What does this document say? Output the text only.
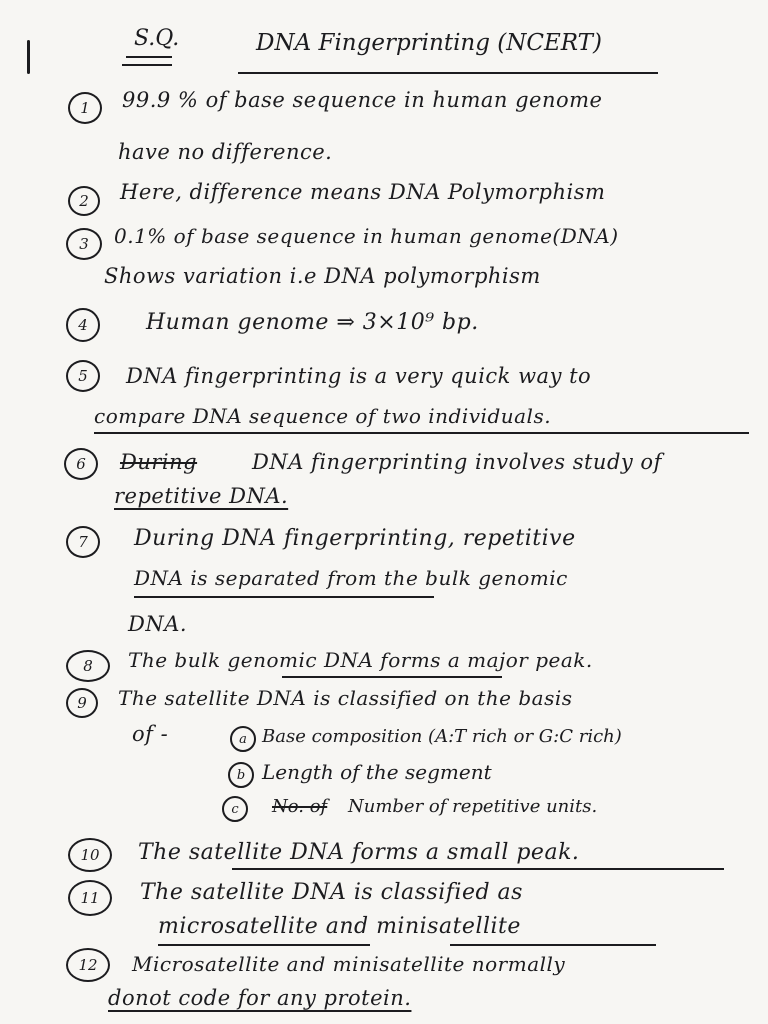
S.Q.	DNA Fingerprinting (NCERT)
1	99.9 % of base sequence in human genome
have no difference.
2	Here, difference means DNA Polymorphism
3	0.1% of base sequence in human genome(DNA)
Shows variation i.e DNA polymorphism
4	Human genome ⇒ 3×10⁹ bp.
5	DNA fingerprinting is a very quick way to
compare DNA sequence of two individuals.
6	During	DNA fingerprinting involves study of
repetitive DNA.
7	During DNA fingerprinting, repetitive
DNA is separated from the bulk genomic
DNA.
8	The bulk genomic DNA forms a major peak.
9	The satellite DNA is classified on the basis
of -	a Base composition (A:T rich or G:C rich)
b Length of the segment
c	No. of Number of repetitive units.
10	The satellite DNA forms a small peak.
11	The satellite DNA is classified as
microsatellite and minisatellite
12	Microsatellite and minisatellite normally
donot code for any protein.
